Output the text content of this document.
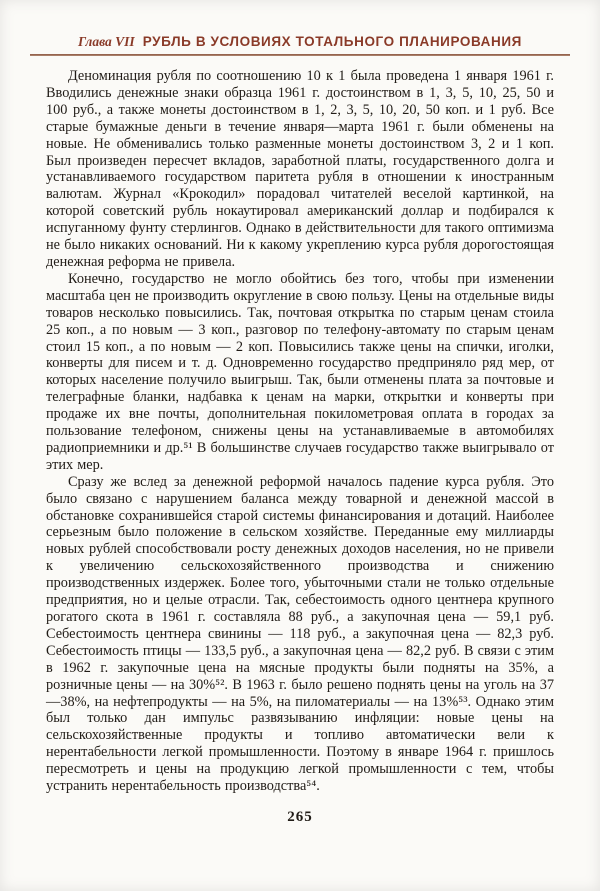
Глава VII РУБЛЬ В УСЛОВИЯХ ТОТАЛЬНОГО ПЛАНИРОВАНИЯ

Деноминация рубля по соотношению 10 к 1 была проведена 1 января 1961 г. Вводились денежные знаки образца 1961 г. достоинством в 1, 3, 5, 10, 25, 50 и 100 руб., а также монеты достоинством в 1, 2, 3, 5, 10, 20, 50 коп. и 1 руб. Все старые бумажные деньги в течение января—марта 1961 г. были обменены на новые. Не обменивались только разменные монеты достоинством 3, 2 и 1 коп. Был произведен пересчет вкладов, заработной платы, государственного долга и устанавливаемого государством паритета рубля в отношении к иностранным валютам. Журнал «Крокодил» порадовал читателей веселой картинкой, на которой советский рубль нокаутировал американский доллар и подбирался к испуганному фунту стерлингов. Однако в действительности для такого оптимизма не было никаких оснований. Ни к какому укреплению курса рубля дорогостоящая денежная реформа не привела.

Конечно, государство не могло обойтись без того, чтобы при изменении масштаба цен не производить округление в свою пользу. Цены на отдельные виды товаров несколько повысились. Так, почтовая открытка по старым ценам стоила 25 коп., а по новым — 3 коп., разговор по телефону-автомату по старым ценам стоил 15 коп., а по новым — 2 коп. Повысились также цены на спички, иголки, конверты для писем и т. д. Одновременно государство предприняло ряд мер, от которых население получило выигрыш. Так, были отменены плата за почтовые и телеграфные бланки, надбавка к ценам на марки, открытки и конверты при продаже их вне почты, дополнительная покилометровая оплата в городах за пользование телефоном, снижены цены на устанавливаемые в автомобилях радиоприемники и др.⁵¹ В большинстве случаев государство также выигрывало от этих мер.

Сразу же вслед за денежной реформой началось падение курса рубля. Это было связано с нарушением баланса между товарной и денежной массой в обстановке сохранившейся старой системы финансирования и дотаций. Наиболее серьезным было положение в сельском хозяйстве. Переданные ему миллиарды новых рублей способствовали росту денежных доходов населения, но не привели к увеличению сельскохозяйственного производства и снижению производственных издержек. Более того, убыточными стали не только отдельные предприятия, но и целые отрасли. Так, себестоимость одного центнера крупного рогатого скота в 1961 г. составляла 88 руб., а закупочная цена — 59,1 руб. Себестоимость центнера свинины — 118 руб., а закупочная цена — 82,3 руб. Себестоимость птицы — 133,5 руб., а закупочная цена — 82,2 руб. В связи с этим в 1962 г. закупочные цена на мясные продукты были подняты на 35%, а розничные цены — на 30%⁵². В 1963 г. было решено поднять цены на уголь на 37—38%, на нефтепродукты — на 5%, на пиломатериалы — на 13%⁵³. Однако этим был только дан импульс развязыванию инфляции: новые цены на сельскохозяйственные продукты и топливо автоматически вели к нерентабельности легкой промышленности. Поэтому в январе 1964 г. пришлось пересмотреть и цены на продукцию легкой промышленности с тем, чтобы устранить нерентабельность производства⁵⁴.

265
